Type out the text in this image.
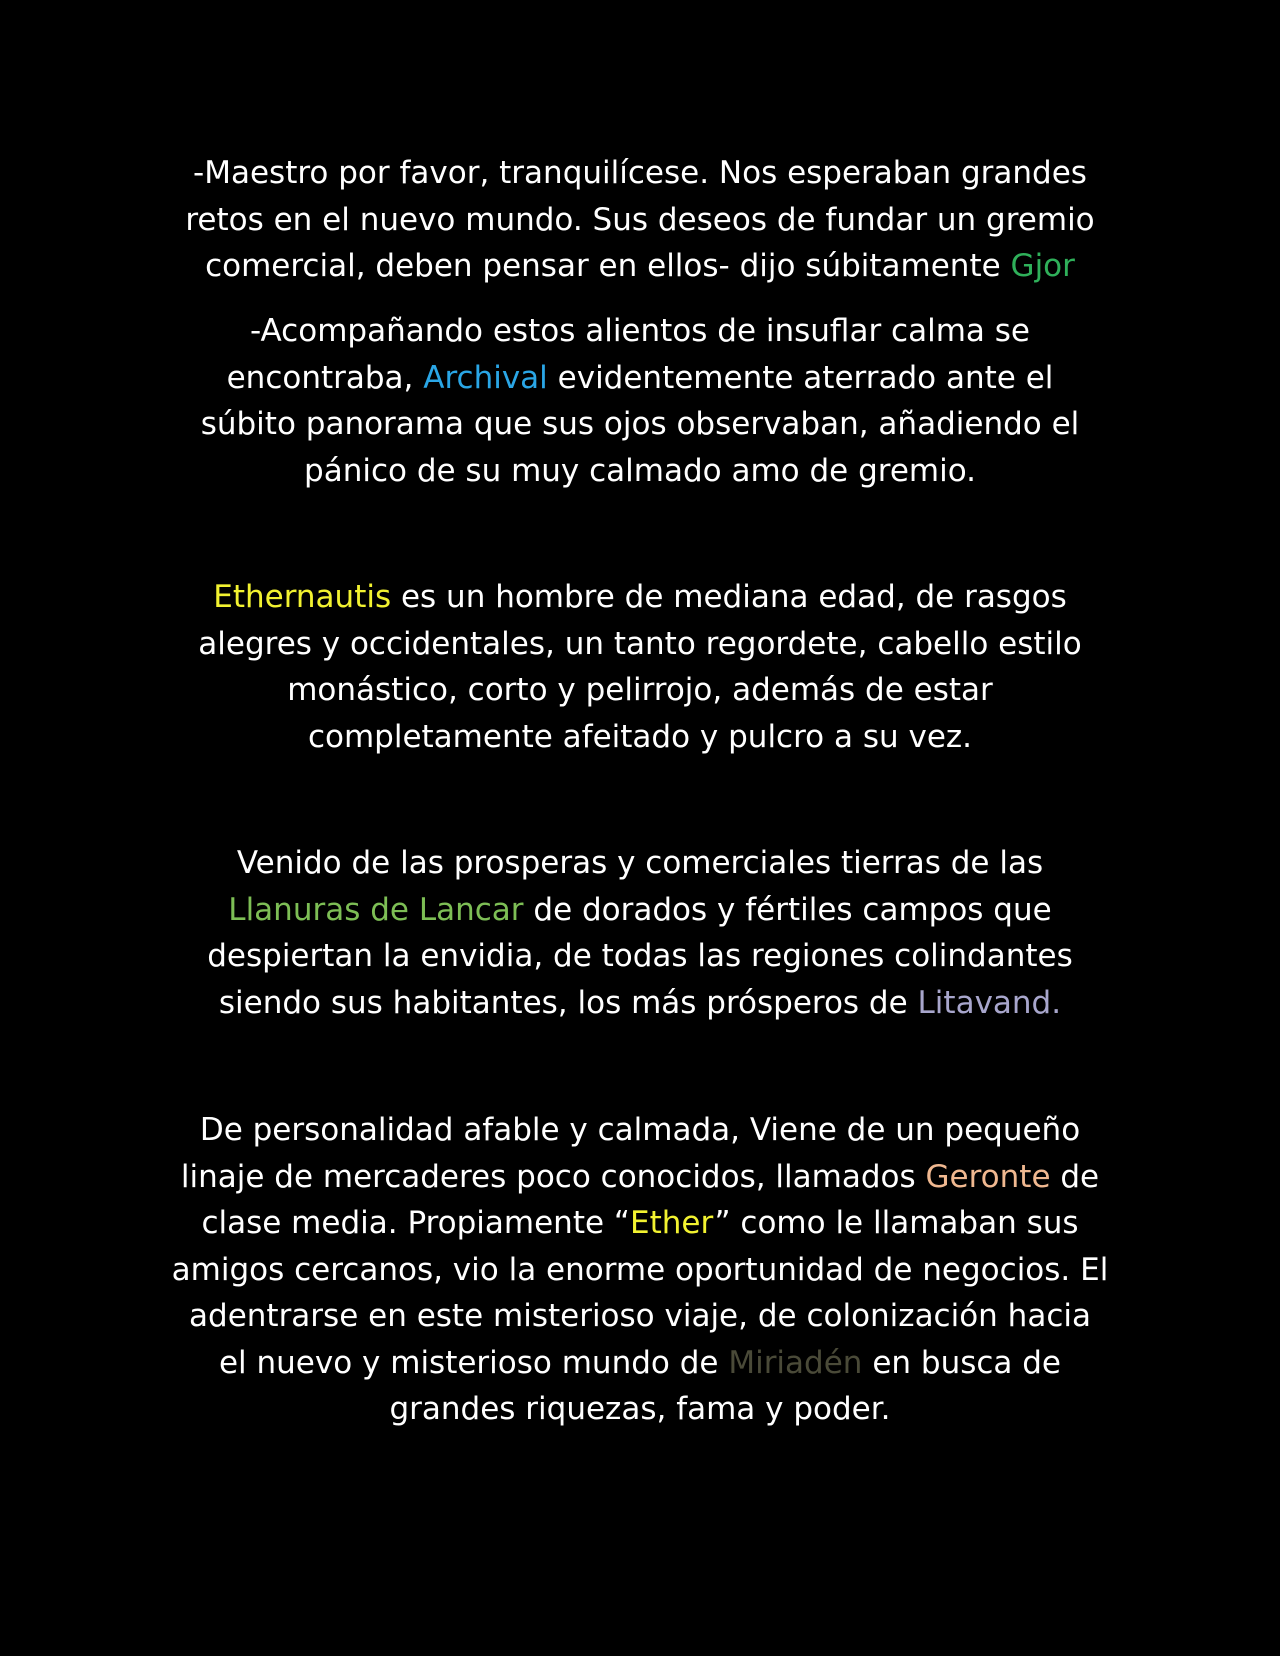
-Maestro por favor, tranquilícese. Nos esperaban grandes
retos en el nuevo mundo. Sus deseos de fundar un gremio
comercial, deben pensar en ellos- dijo súbitamente Gjor

-Acompañando estos alientos de insuflar calma se
encontraba, Archival evidentemente aterrado ante el
súbito panorama que sus ojos observaban, añadiendo el
pánico de su muy calmado amo de gremio.

Ethernautis es un hombre de mediana edad, de rasgos
alegres y occidentales, un tanto regordete, cabello estilo
monástico, corto y pelirrojo, además de estar
completamente afeitado y pulcro a su vez.

Venido de las prosperas y comerciales tierras de las
Llanuras de Lancar de dorados y fértiles campos que
despiertan la envidia, de todas las regiones colindantes
siendo sus habitantes, los más prósperos de Litavand.

De personalidad afable y calmada, Viene de un pequeño
linaje de mercaderes poco conocidos, llamados Geronte de
clase media. Propiamente “Ether” como le llamaban sus
amigos cercanos, vio la enorme oportunidad de negocios. El
adentrarse en este misterioso viaje, de colonización hacia
el nuevo y misterioso mundo de Miriadén en busca de
grandes riquezas, fama y poder.
